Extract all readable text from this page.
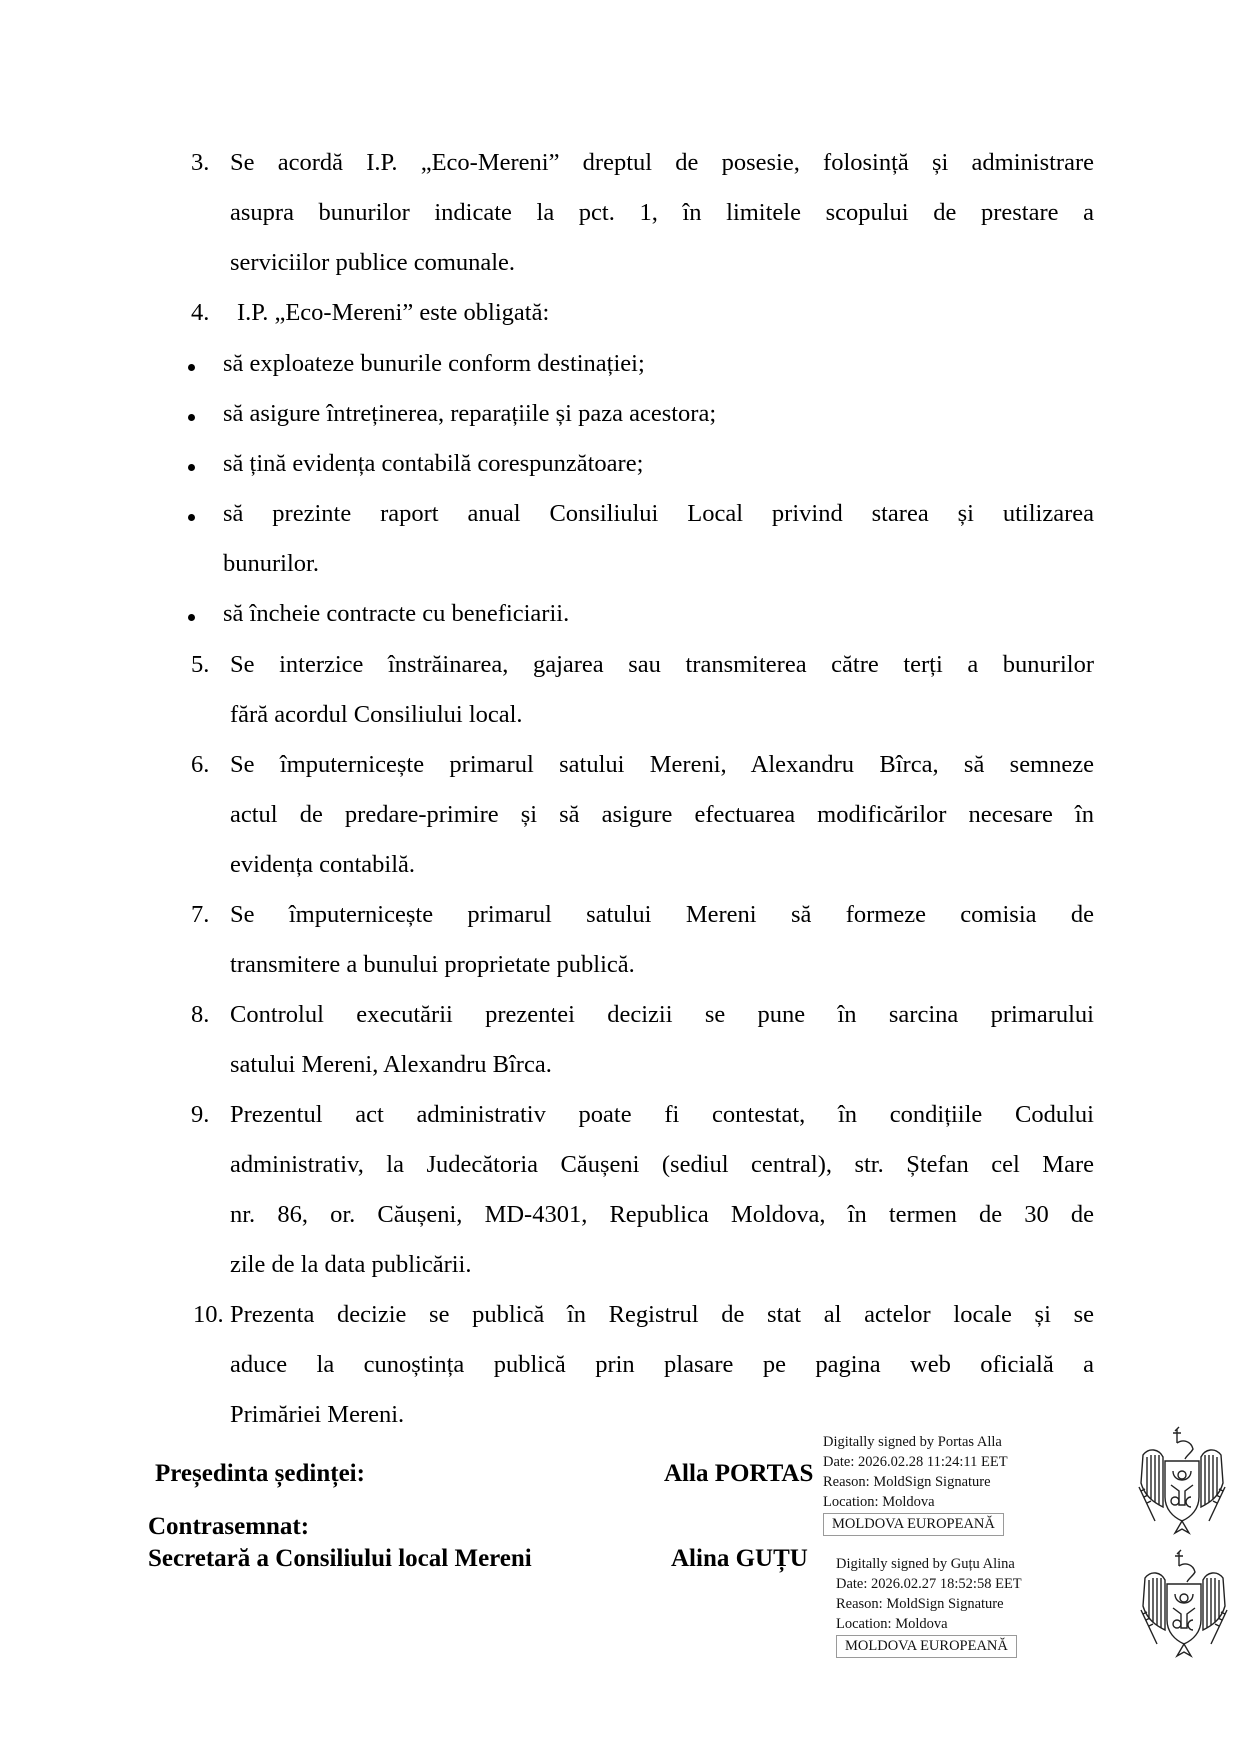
3. Se acordă I.P. „Eco-Mereni” dreptul de posesie, folosință și administrare
asupra bunurilor indicate la pct. 1, în limitele scopului de prestare a
serviciilor publice comunale.
4. I.P. „Eco-Mereni” este obligată:
să exploateze bunurile conform destinației;
să asigure întreținerea, reparațiile și paza acestora;
să țină evidența contabilă corespunzătoare;
să prezinte raport anual Consiliului Local privind starea și utilizarea
bunurilor.
să încheie contracte cu beneficiarii.
5. Se interzice înstrăinarea, gajarea sau transmiterea către terți a bunurilor
fără acordul Consiliului local.
6. Se împuternicește primarul satului Mereni, Alexandru Bîrca, să semneze
actul de predare-primire și să asigure efectuarea modificărilor necesare în
evidența contabilă.
7. Se împuternicește primarul satului Mereni să formeze comisia de
transmitere a bunului proprietate publică.
8. Controlul executării prezentei decizii se pune în sarcina primarului
satului Mereni, Alexandru Bîrca.
9. Prezentul act administrativ poate fi contestat, în condițiile Codului
administrativ, la Judecătoria Căușeni (sediul central), str. Ștefan cel Mare
nr. 86, or. Căușeni, MD-4301, Republica Moldova, în termen de 30 de
zile de la data publicării.
10. Prezenta decizie se publică în Registrul de stat al actelor locale și se
aduce la cunoștința publică prin plasare pe pagina web oficială a
Primăriei Mereni.
Președinta ședinței:	Alla PORTAS
Contrasemnat:
Secretară a Consiliului local Mereni	Alina GUȚU
Digitally signed by Portas Alla
Date: 2026.02.28 11:24:11 EET
Reason: MoldSign Signature
Location: Moldova
MOLDOVA EUROPEANĂ
Digitally signed by Guțu Alina
Date: 2026.02.27 18:52:58 EET
Reason: MoldSign Signature
Location: Moldova
MOLDOVA EUROPEANĂ
